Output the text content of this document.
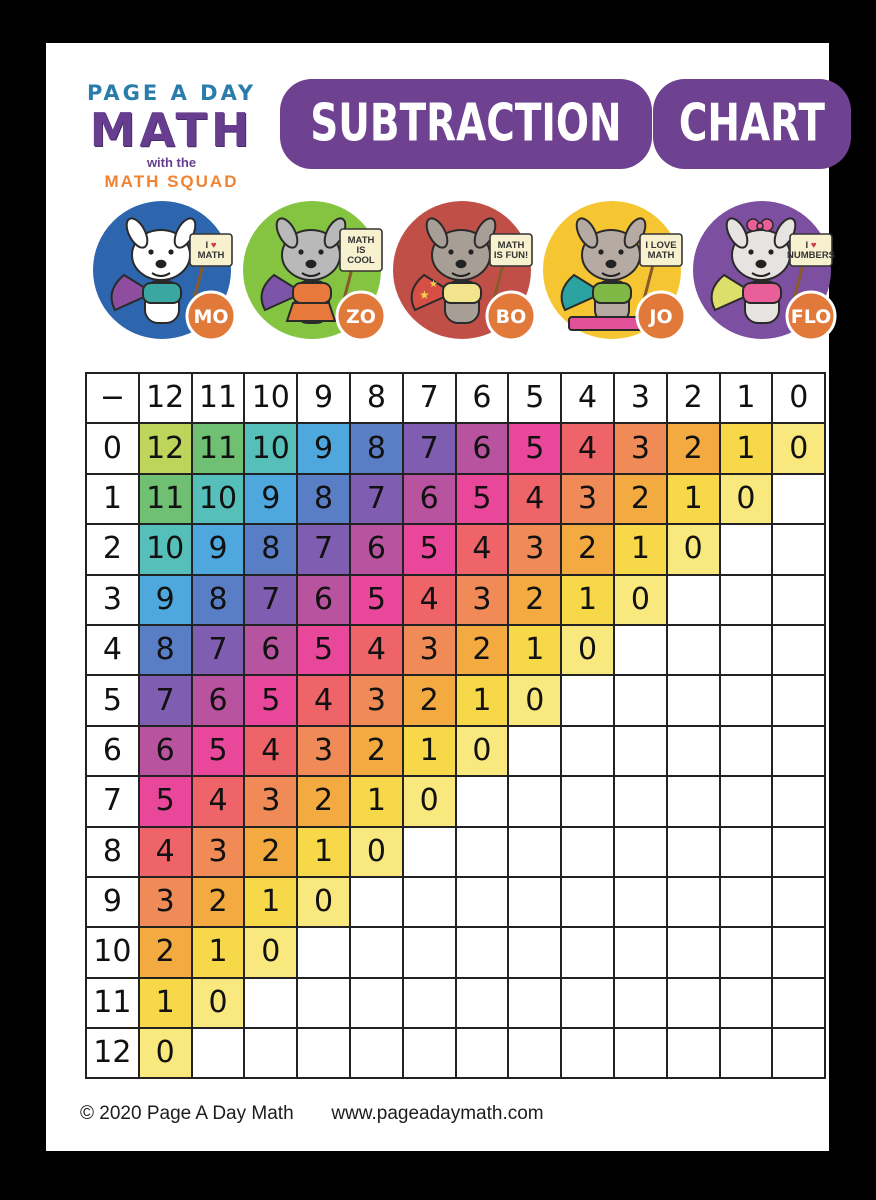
PAGE A DAY
MATH
with the
MATH SQUAD
SUBTRACTION CHART
I ♥
MATH
MO
MATH
IS
COOL
ZO
★
★
MATH
IS FUN!
BO
I LOVE
MATH
JO
I ♥
NUMBERS
FLO
−	12	11	10	9	8	7	6	5	4	3	2	1	0
0	12	11	10	9	8	7	6	5	4	3	2	1	0
1	11	10	9	8	7	6	5	4	3	2	1	0	
2	10	9	8	7	6	5	4	3	2	1	0		
3	9	8	7	6	5	4	3	2	1	0			
4	8	7	6	5	4	3	2	1	0				
5	7	6	5	4	3	2	1	0					
6	6	5	4	3	2	1	0						
7	5	4	3	2	1	0							
8	4	3	2	1	0								
9	3	2	1	0									
10	2	1	0										
11	1	0											
12	0												
© 2020 Page A Day Math	www.pageadaymath.com
